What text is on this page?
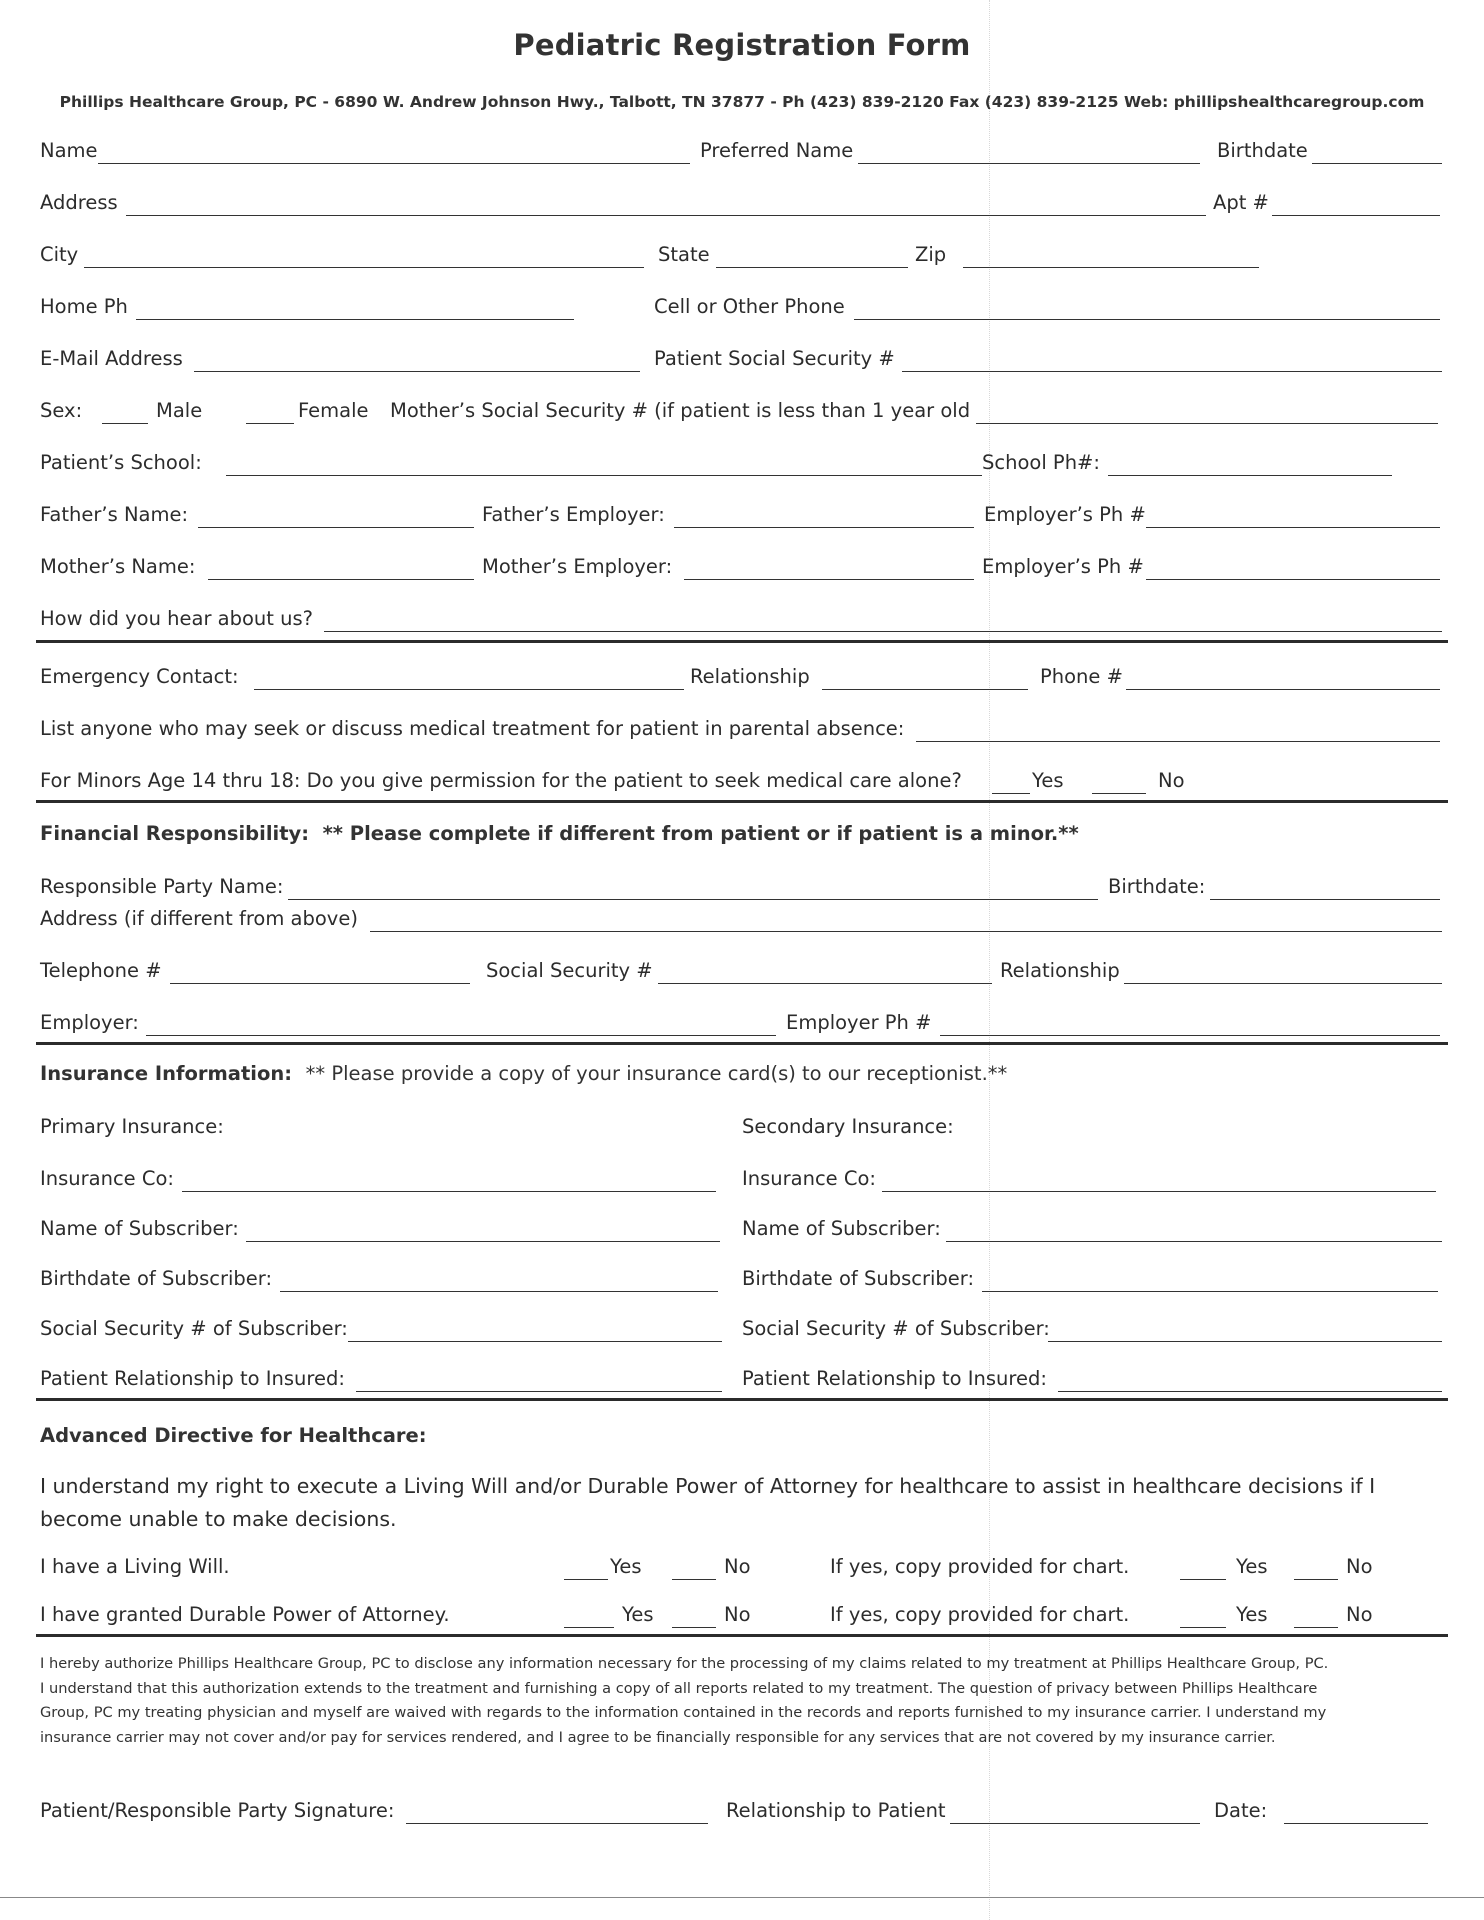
Pediatric Registration Form
Phillips Healthcare Group, PC - 6890 W. Andrew Johnson Hwy., Talbott, TN 37877 - Ph (423) 839-2120 Fax (423) 839-2125 Web: phillipshealthcaregroup.com
Name	Preferred Name	Birthdate
Address	Apt #
City	State	Zip
Home Ph	Cell or Other Phone
E-Mail Address	Patient Social Security #
Sex:	Male	Female Mother’s Social Security # (if patient is less than 1 year old
Patient’s School:	School Ph#:
Father’s Name:	Father’s Employer:	Employer’s Ph #
Mother’s Name:	Mother’s Employer:	Employer’s Ph #
How did you hear about us?
Emergency Contact:	Relationship	Phone #
List anyone who may seek or discuss medical treatment for patient in parental absence:
For Minors Age 14 thru 18: Do you give permission for the patient to seek medical care alone?	Yes	No
Financial Responsibility: ** Please complete if different from patient or if patient is a minor.**
Responsible Party Name:	Birthdate:
Address (if different from above)
Telephone #	Social Security #	Relationship
Employer:	Employer Ph #
Insurance Information: ** Please provide a copy of your insurance card(s) to our receptionist.**
Primary Insurance:	Secondary Insurance:
Insurance Co:	Insurance Co:
Name of Subscriber:	Name of Subscriber:
Birthdate of Subscriber:	Birthdate of Subscriber:
Social Security # of Subscriber:	Social Security # of Subscriber:
Patient Relationship to Insured:	Patient Relationship to Insured:
Advanced Directive for Healthcare:
I understand my right to execute a Living Will and/or Durable Power of Attorney for healthcare to assist in healthcare decisions if I become unable to make decisions.
I have a Living Will.	Yes	No	If yes, copy provided for chart.	Yes	No
I have granted Durable Power of Attorney.	Yes	No	If yes, copy provided for chart.	Yes	No

I hereby authorize Phillips Healthcare Group, PC to disclose any information necessary for the processing of my claims related to my treatment at Phillips Healthcare Group, PC.

I understand that this authorization extends to the treatment and furnishing a copy of all reports related to my treatment. The question of privacy between Phillips Healthcare

Group, PC my treating physician and myself are waived with regards to the information contained in the records and reports furnished to my insurance carrier. I understand my

insurance carrier may not cover and/or pay for services rendered, and I agree to be financially responsible for any services that are not covered by my insurance carrier.

Patient/Responsible Party Signature:	Relationship to Patient	Date:
